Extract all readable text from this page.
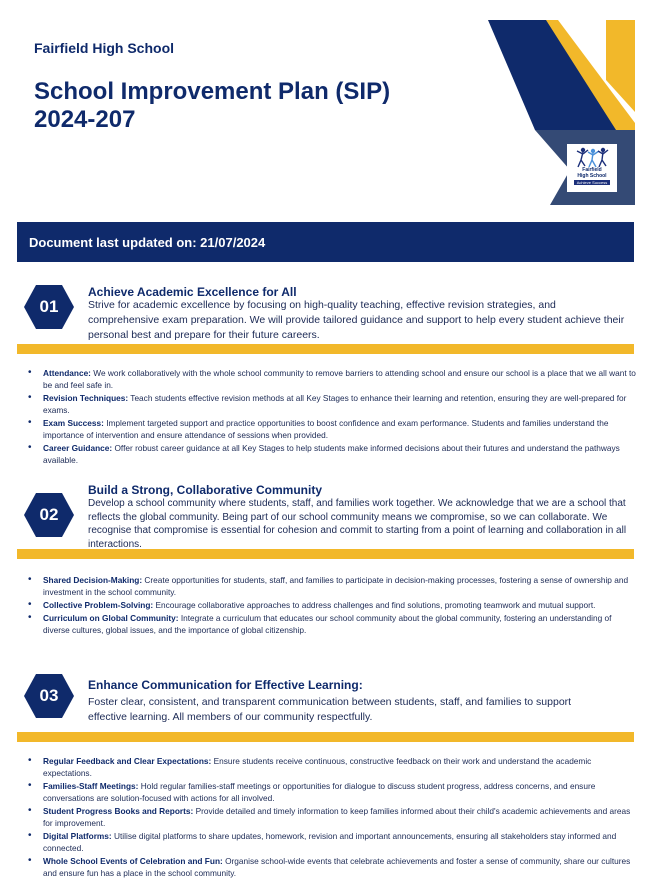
Fairfield High School
School Improvement Plan (SIP)
2024-207
Fairfield
High School
Achieve Success
Document last updated on: 21/07/2024
01
Achieve Academic Excellence for All
Strive for academic excellence by focusing on high-quality teaching, effective revision strategies, and comprehensive exam preparation. We will provide tailored guidance and support to help every student achieve their personal best and prepare for their future careers.
• Attendance: We work collaboratively with the whole school community to remove barriers to attending school and ensure our school is a place that we all want to be and feel safe in.
• Revision Techniques: Teach students effective revision methods at all Key Stages to enhance their learning and retention, ensuring they are well-prepared for exams.
• Exam Success: Implement targeted support and practice opportunities to boost confidence and exam performance. Students and families understand the importance of intervention and ensure attendance of sessions when provided.
• Career Guidance: Offer robust career guidance at all Key Stages to help students make informed decisions about their futures and understand the pathways available.
02
Build a Strong, Collaborative Community
Develop a school community where students, staff, and families work together. We acknowledge that we are a school that reflects the global community. Being part of our school community means we compromise, so we can collaborate. We recognise that compromise is essential for cohesion and commit to starting from a point of learning and collaboration in all interactions.
• Shared Decision-Making: Create opportunities for students, staff, and families to participate in decision-making processes, fostering a sense of ownership and investment in the school community.
• Collective Problem-Solving: Encourage collaborative approaches to address challenges and find solutions, promoting teamwork and mutual support.
• Curriculum on Global Community: Integrate a curriculum that educates our school community about the global community, fostering an understanding of diverse cultures, global issues, and the importance of global citizenship.
03
Enhance Communication for Effective Learning:
Foster clear, consistent, and transparent communication between students, staff, and families to support effective learning. All members of our community respectfully.
• Regular Feedback and Clear Expectations: Ensure students receive continuous, constructive feedback on their work and understand the academic expectations.
• Families-Staff Meetings: Hold regular families-staff meetings or opportunities for dialogue to discuss student progress, address concerns, and ensure conversations are solution-focused with actions for all involved.
• Student Progress Books and Reports: Provide detailed and timely information to keep families informed about their child's academic achievements and areas for improvement.
• Digital Platforms: Utilise digital platforms to share updates, homework, revision and important announcements, ensuring all stakeholders stay informed and connected.
• Whole School Events of Celebration and Fun: Organise school-wide events that celebrate achievements and foster a sense of community, share our cultures and ensure fun has a place in the school community.
